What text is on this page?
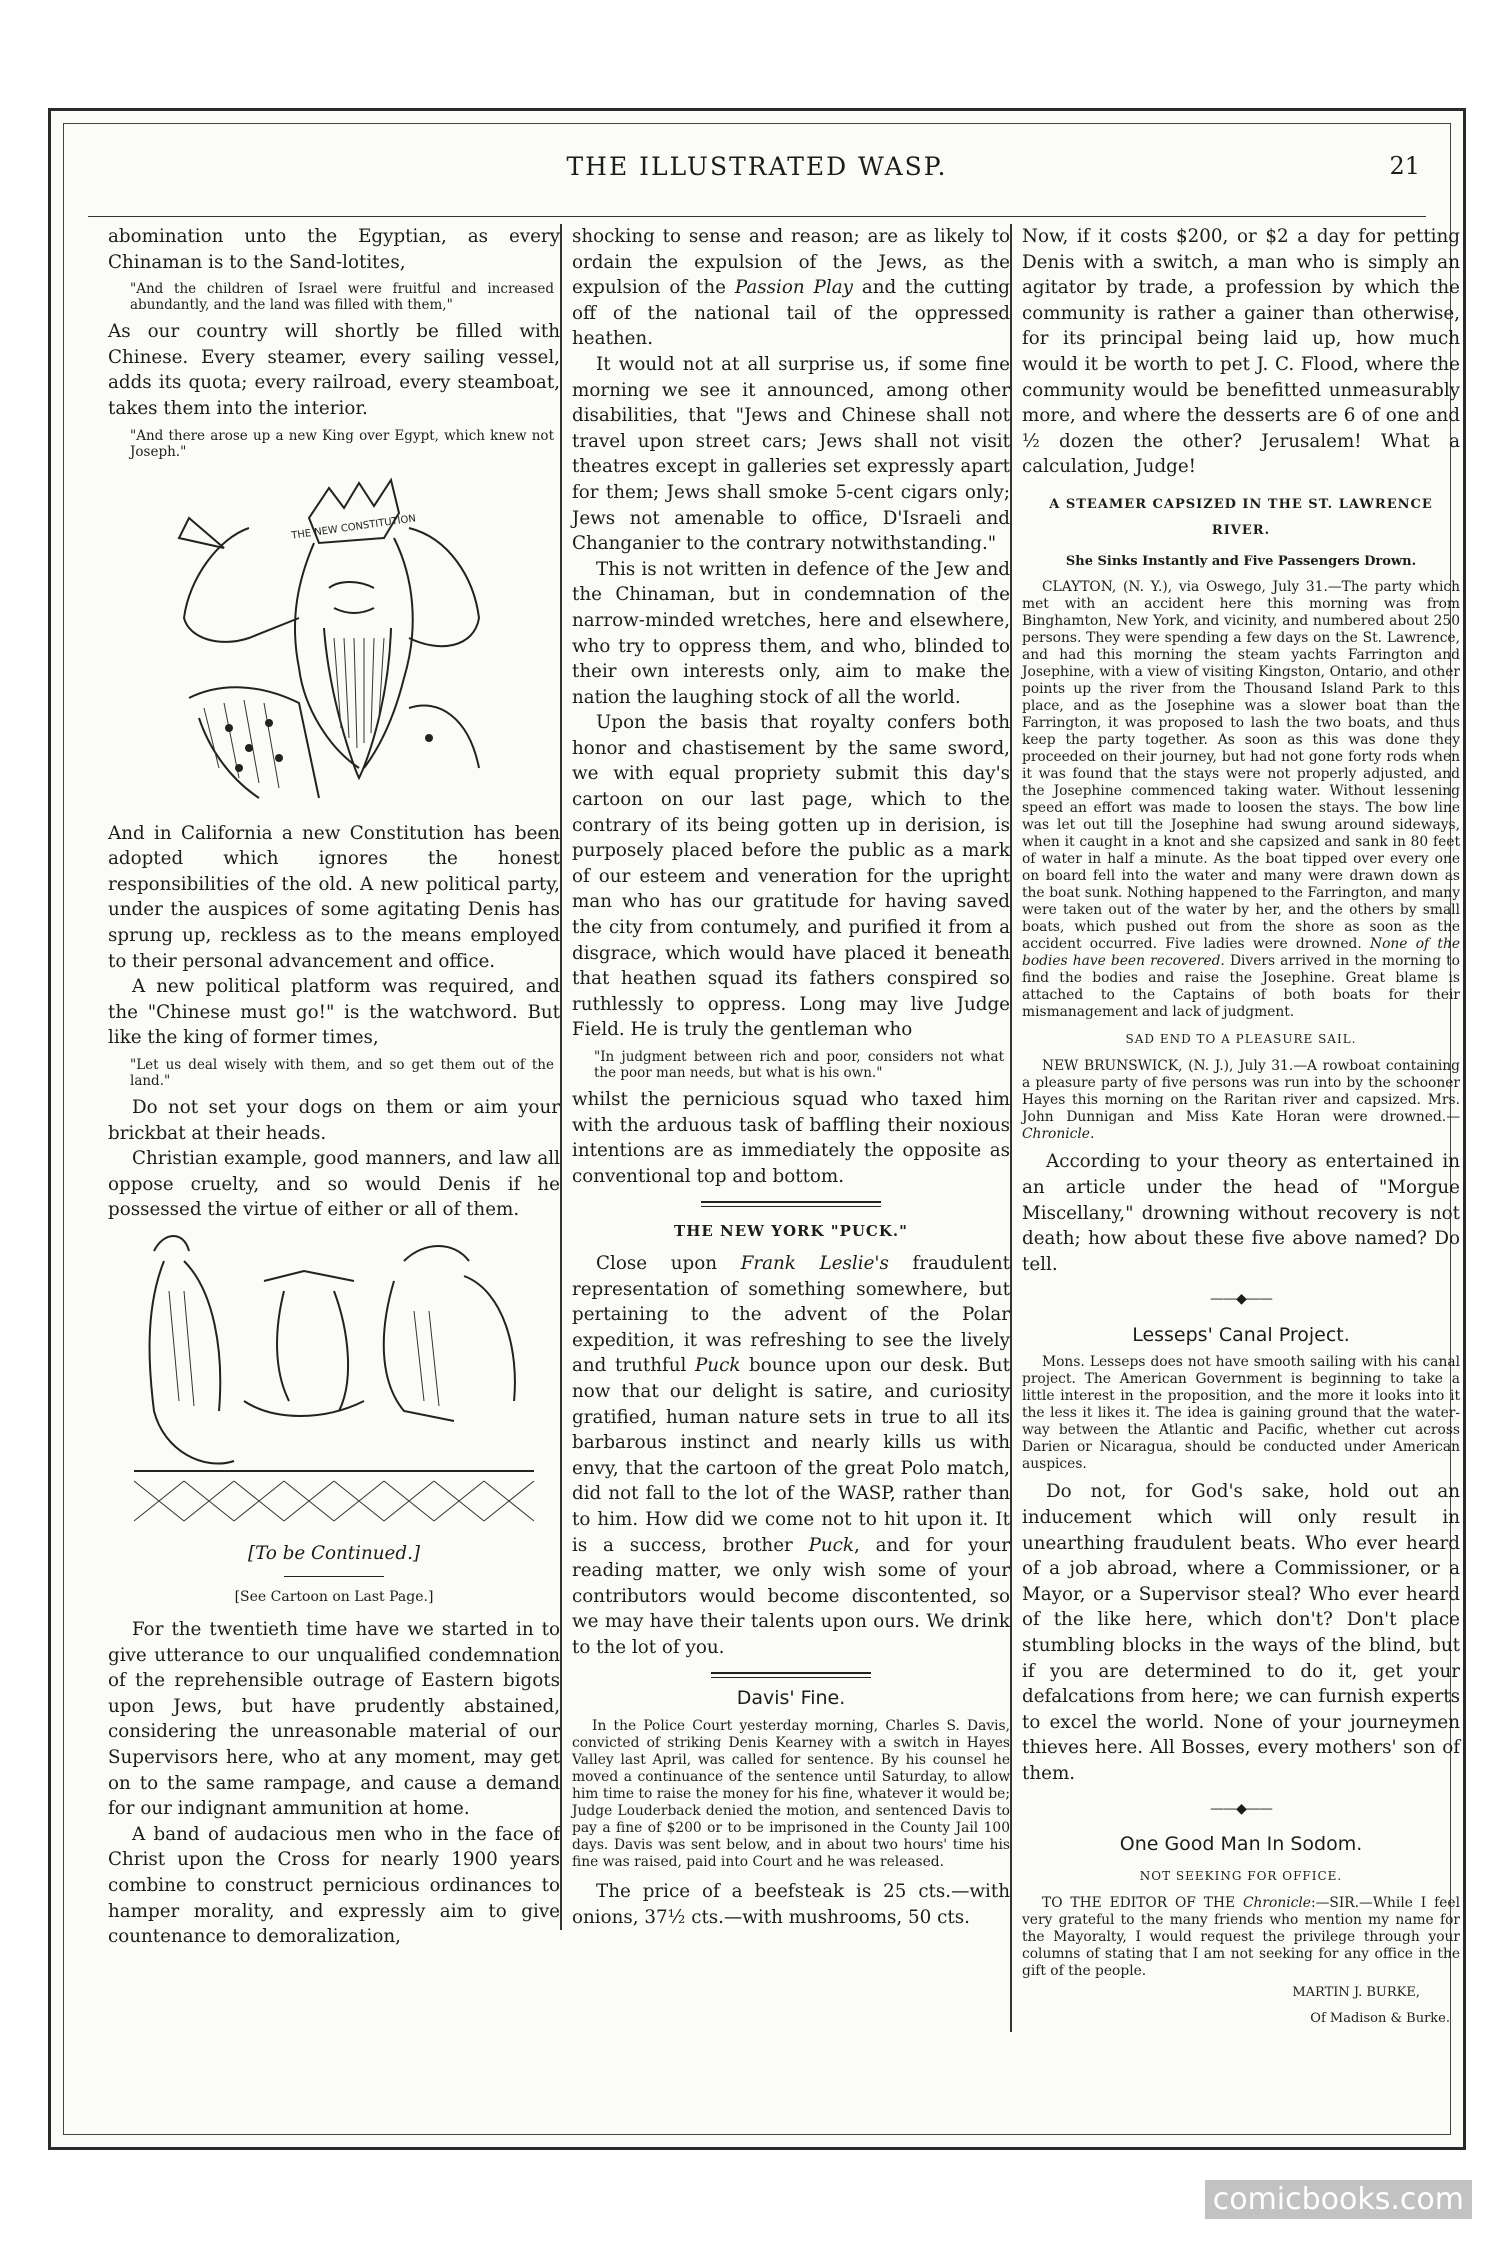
THE ILLUSTRATED WASP.	21

abomination unto the Egyptian, as every Chinaman is to the Sand-lotites,

"And the children of Israel were fruitful and increased abundantly, and the land was filled with them,"

As our country will shortly be filled with Chinese. Every steamer, every sailing vessel, adds its quota; every railroad, every steamboat, takes them into the interior.

"And there arose up a new King over Egypt, which knew not Joseph."
THE NEW CONSTITUTION

And in California a new Constitution has been adopted which ignores the honest responsibilities of the old. A new political party, under the auspices of some agitating Denis has sprung up, reckless as to the means employed to their personal advancement and office.

A new political platform was required, and the "Chinese must go!" is the watchword. But like the king of former times,

"Let us deal wisely with them, and so get them out of the land."

Do not set your dogs on them or aim your brickbat at their heads.

Christian example, good manners, and law all oppose cruelty, and so would Denis if he possessed the virtue of either or all of them.

[To be Continued.]
[See Cartoon on Last Page.]

For the twentieth time have we started in to give utterance to our unqualified condemnation of the reprehensible outrage of Eastern bigots upon Jews, but have prudently abstained, considering the unreasonable material of our Supervisors here, who at any moment, may get on to the same rampage, and cause a demand for our indignant ammunition at home.

A band of audacious men who in the face of Christ upon the Cross for nearly 1900 years combine to construct pernicious ordinances to hamper morality, and expressly aim to give countenance to demoralization,

shocking to sense and reason; are as likely to ordain the expulsion of the Jews, as the expulsion of the Passion Play and the cutting off of the national tail of the oppressed heathen.

It would not at all surprise us, if some fine morning we see it announced, among other disabilities, that "Jews and Chinese shall not travel upon street cars; Jews shall not visit theatres except in galleries set expressly apart for them; Jews shall smoke 5-cent cigars only; Jews not amenable to office, D'Israeli and Changanier to the contrary notwithstanding."

This is not written in defence of the Jew and the Chinaman, but in condemnation of the narrow-minded wretches, here and elsewhere, who try to oppress them, and who, blinded to their own interests only, aim to make the nation the laughing stock of all the world.

Upon the basis that royalty confers both honor and chastisement by the same sword, we with equal propriety submit this day's cartoon on our last page, which to the contrary of its being gotten up in derision, is purposely placed before the public as a mark of our esteem and veneration for the upright man who has our gratitude for having saved the city from contumely, and purified it from a disgrace, which would have placed it beneath that heathen squad its fathers conspired so ruthlessly to oppress. Long may live Judge Field. He is truly the gentleman who

"In judgment between rich and poor, considers not what the poor man needs, but what is his own."

whilst the pernicious squad who taxed him with the arduous task of baffling their noxious intentions are as immediately the opposite as conventional top and bottom.

THE NEW YORK "PUCK."

Close upon Frank Leslie's fraudulent representation of something somewhere, but pertaining to the advent of the Polar expedition, it was refreshing to see the lively and truthful Puck bounce upon our desk. But now that our delight is satire, and curiosity gratified, human nature sets in true to all its barbarous instinct and nearly kills us with envy, that the cartoon of the great Polo match, did not fall to the lot of the WASP, rather than to him. How did we come not to hit upon it. It is a success, brother Puck, and for your reading matter, we only wish some of your contributors would become discontented, so we may have their talents upon ours. We drink to the lot of you.

Davis' Fine.
In the Police Court yesterday morning, Charles S. Davis, convicted of striking Denis Kearney with a switch in Hayes Valley last April, was called for sentence. By his counsel he moved a continuance of the sentence until Saturday, to allow him time to raise the money for his fine, whatever it would be; Judge Louderback denied the motion, and sentenced Davis to pay a fine of $200 or to be imprisoned in the County Jail 100 days. Davis was sent below, and in about two hours' time his fine was raised, paid into Court and he was released.

The price of a beefsteak is 25 cts.—with onions, 37½ cts.—with mushrooms, 50 cts.

Now, if it costs $200, or $2 a day for petting Denis with a switch, a man who is simply an agitator by trade, a profession by which the community is rather a gainer than otherwise, for its principal being laid up, how much would it be worth to pet J. C. Flood, where the community would be benefitted unmeasurably more, and where the desserts are 6 of one and ½ dozen the other? Jerusalem! What a calculation, Judge!

A STEAMER CAPSIZED IN THE ST. LAWRENCE RIVER.
She Sinks Instantly and Five Passengers Drown.
CLAYTON, (N. Y.), via Oswego, July 31.—The party which met with an accident here this morning was from Binghamton, New York, and vicinity, and numbered about 250 persons. They were spending a few days on the St. Lawrence, and had this morning the steam yachts Farrington and Josephine, with a view of visiting Kingston, Ontario, and other points up the river from the Thousand Island Park to this place, and as the Josephine was a slower boat than the Farrington, it was proposed to lash the two boats, and thus keep the party together. As soon as this was done they proceeded on their journey, but had not gone forty rods when it was found that the stays were not properly adjusted, and the Josephine commenced taking water. Without lessening speed an effort was made to loosen the stays. The bow line was let out till the Josephine had swung around sideways, when it caught in a knot and she capsized and sank in 80 feet of water in half a minute. As the boat tipped over every one on board fell into the water and many were drawn down as the boat sunk. Nothing happened to the Farrington, and many were taken out of the water by her, and the others by small boats, which pushed out from the shore as soon as the accident occurred. Five ladies were drowned. None of the bodies have been recovered. Divers arrived in the morning to find the bodies and raise the Josephine. Great blame is attached to the Captains of both boats for their mismanagement and lack of judgment.
SAD END TO A PLEASURE SAIL.
NEW BRUNSWICK, (N. J.), July 31.—A rowboat containing a pleasure party of five persons was run into by the schooner Hayes this morning on the Raritan river and capsized. Mrs. John Dunnigan and Miss Kate Horan were drowned.—Chronicle.

According to your theory as entertained in an article under the head of "Morgue Miscellany," drowning without recovery is not death; how about these five above named? Do tell.

——◆——
Lesseps' Canal Project.
Mons. Lesseps does not have smooth sailing with his canal project. The American Government is beginning to take a little interest in the proposition, and the more it looks into it the less it likes it. The idea is gaining ground that the water-way between the Atlantic and Pacific, whether cut across Darien or Nicaragua, should be conducted under American auspices.

Do not, for God's sake, hold out an inducement which will only result in unearthing fraudulent beats. Who ever heard of a job abroad, where a Commissioner, or a Mayor, or a Supervisor steal? Who ever heard of the like here, which don't? Don't place stumbling blocks in the ways of the blind, but if you are determined to do it, get your defalcations from here; we can furnish experts to excel the world. None of your journeymen thieves here. All Bosses, every mothers' son of them.

——◆——
One Good Man In Sodom.
NOT SEEKING FOR OFFICE.
TO THE EDITOR OF THE Chronicle:—SIR.—While I feel very grateful to the many friends who mention my name for the Mayoralty, I would request the privilege through your columns of stating that I am not seeking for any office in the gift of the people.
MARTIN J. BURKE,
Of Madison & Burke.
comicbooks.com
